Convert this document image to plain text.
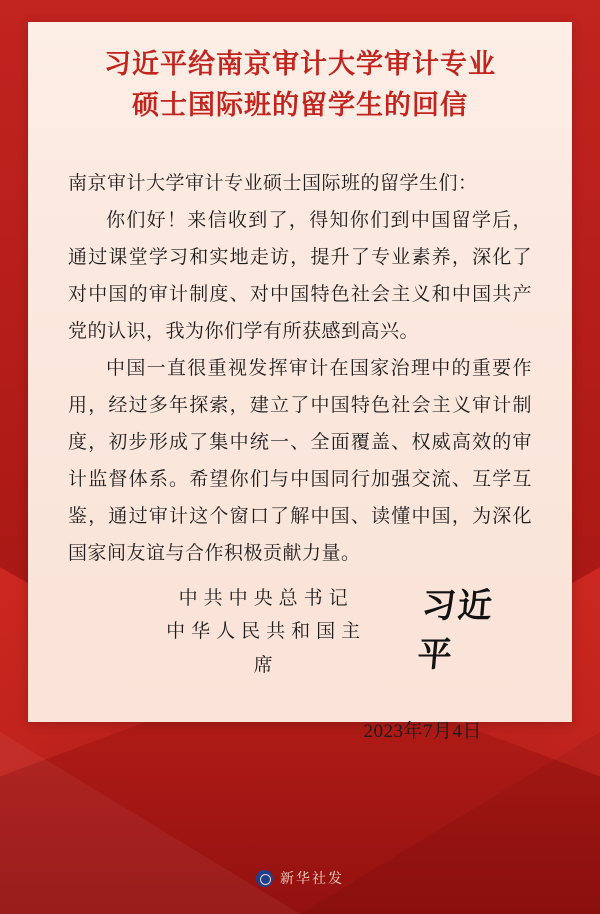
习近平给南京审计大学审计专业
硕士国际班的留学生的回信
南京审计大学审计专业硕士国际班的留学生们：
你们好！来信收到了，得知你们到中国留学后，通过课堂学习和实地走访，提升了专业素养，深化了对中国的审计制度、对中国特色社会主义和中国共产党的认识，我为你们学有所获感到高兴。
中国一直很重视发挥审计在国家治理中的重要作用，经过多年探索，建立了中国特色社会主义审计制度，初步形成了集中统一、全面覆盖、权威高效的审计监督体系。希望你们与中国同行加强交流、互学互鉴，通过审计这个窗口了解中国、读懂中国，为深化国家间友谊与合作积极贡献力量。
中共中央总书记
中华人民共和国主席
习近平
2023年7月4日
新华社发
